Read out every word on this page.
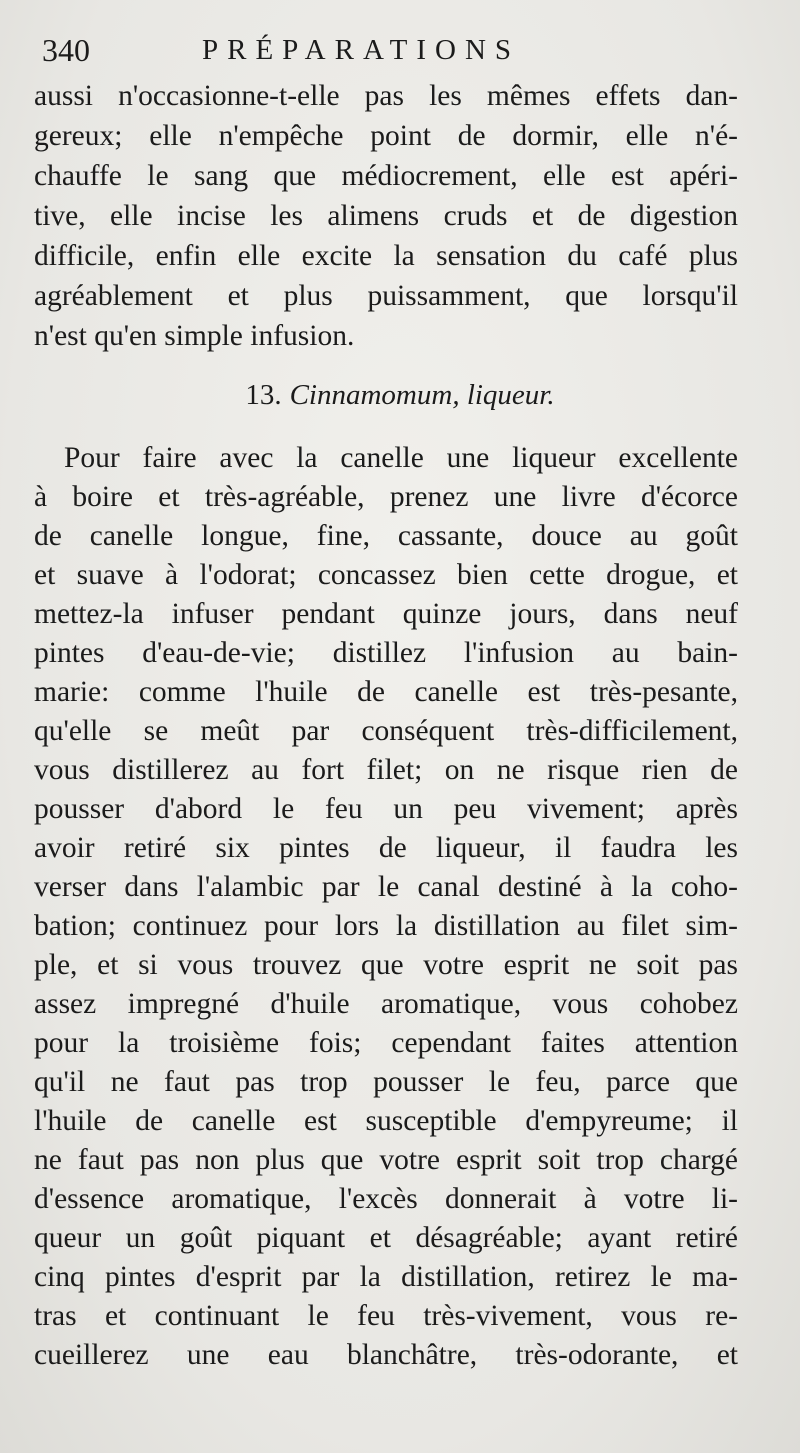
340	PRÉPARATIONS
aussi n'occasionne-t-elle pas les mêmes effets dan-
gereux; elle n'empêche point de dormir, elle n'é-
chauffe le sang que médiocrement, elle est apéri-
tive, elle incise les alimens cruds et de digestion
difficile, enfin elle excite la sensation du café plus
agréablement et plus puissamment, que lorsqu'il
n'est qu'en simple infusion.
13. Cinnamomum, liqueur.
Pour faire avec la canelle une liqueur excellente
à boire et très-agréable, prenez une livre d'écorce
de canelle longue, fine, cassante, douce au goût
et suave à l'odorat; concassez bien cette drogue, et
mettez-la infuser pendant quinze jours, dans neuf
pintes d'eau-de-vie; distillez l'infusion au bain-
marie: comme l'huile de canelle est très-pesante,
qu'elle se meût par conséquent très-difficilement,
vous distillerez au fort filet; on ne risque rien de
pousser d'abord le feu un peu vivement; après
avoir retiré six pintes de liqueur, il faudra les
verser dans l'alambic par le canal destiné à la coho-
bation; continuez pour lors la distillation au filet sim-
ple, et si vous trouvez que votre esprit ne soit pas
assez impregné d'huile aromatique, vous cohobez
pour la troisième fois; cependant faites attention
qu'il ne faut pas trop pousser le feu, parce que
l'huile de canelle est susceptible d'empyreume; il
ne faut pas non plus que votre esprit soit trop chargé
d'essence aromatique, l'excès donnerait à votre li-
queur un goût piquant et désagréable; ayant retiré
cinq pintes d'esprit par la distillation, retirez le ma-
tras et continuant le feu très-vivement, vous re-
cueillerez une eau blanchâtre, très-odorante, et
